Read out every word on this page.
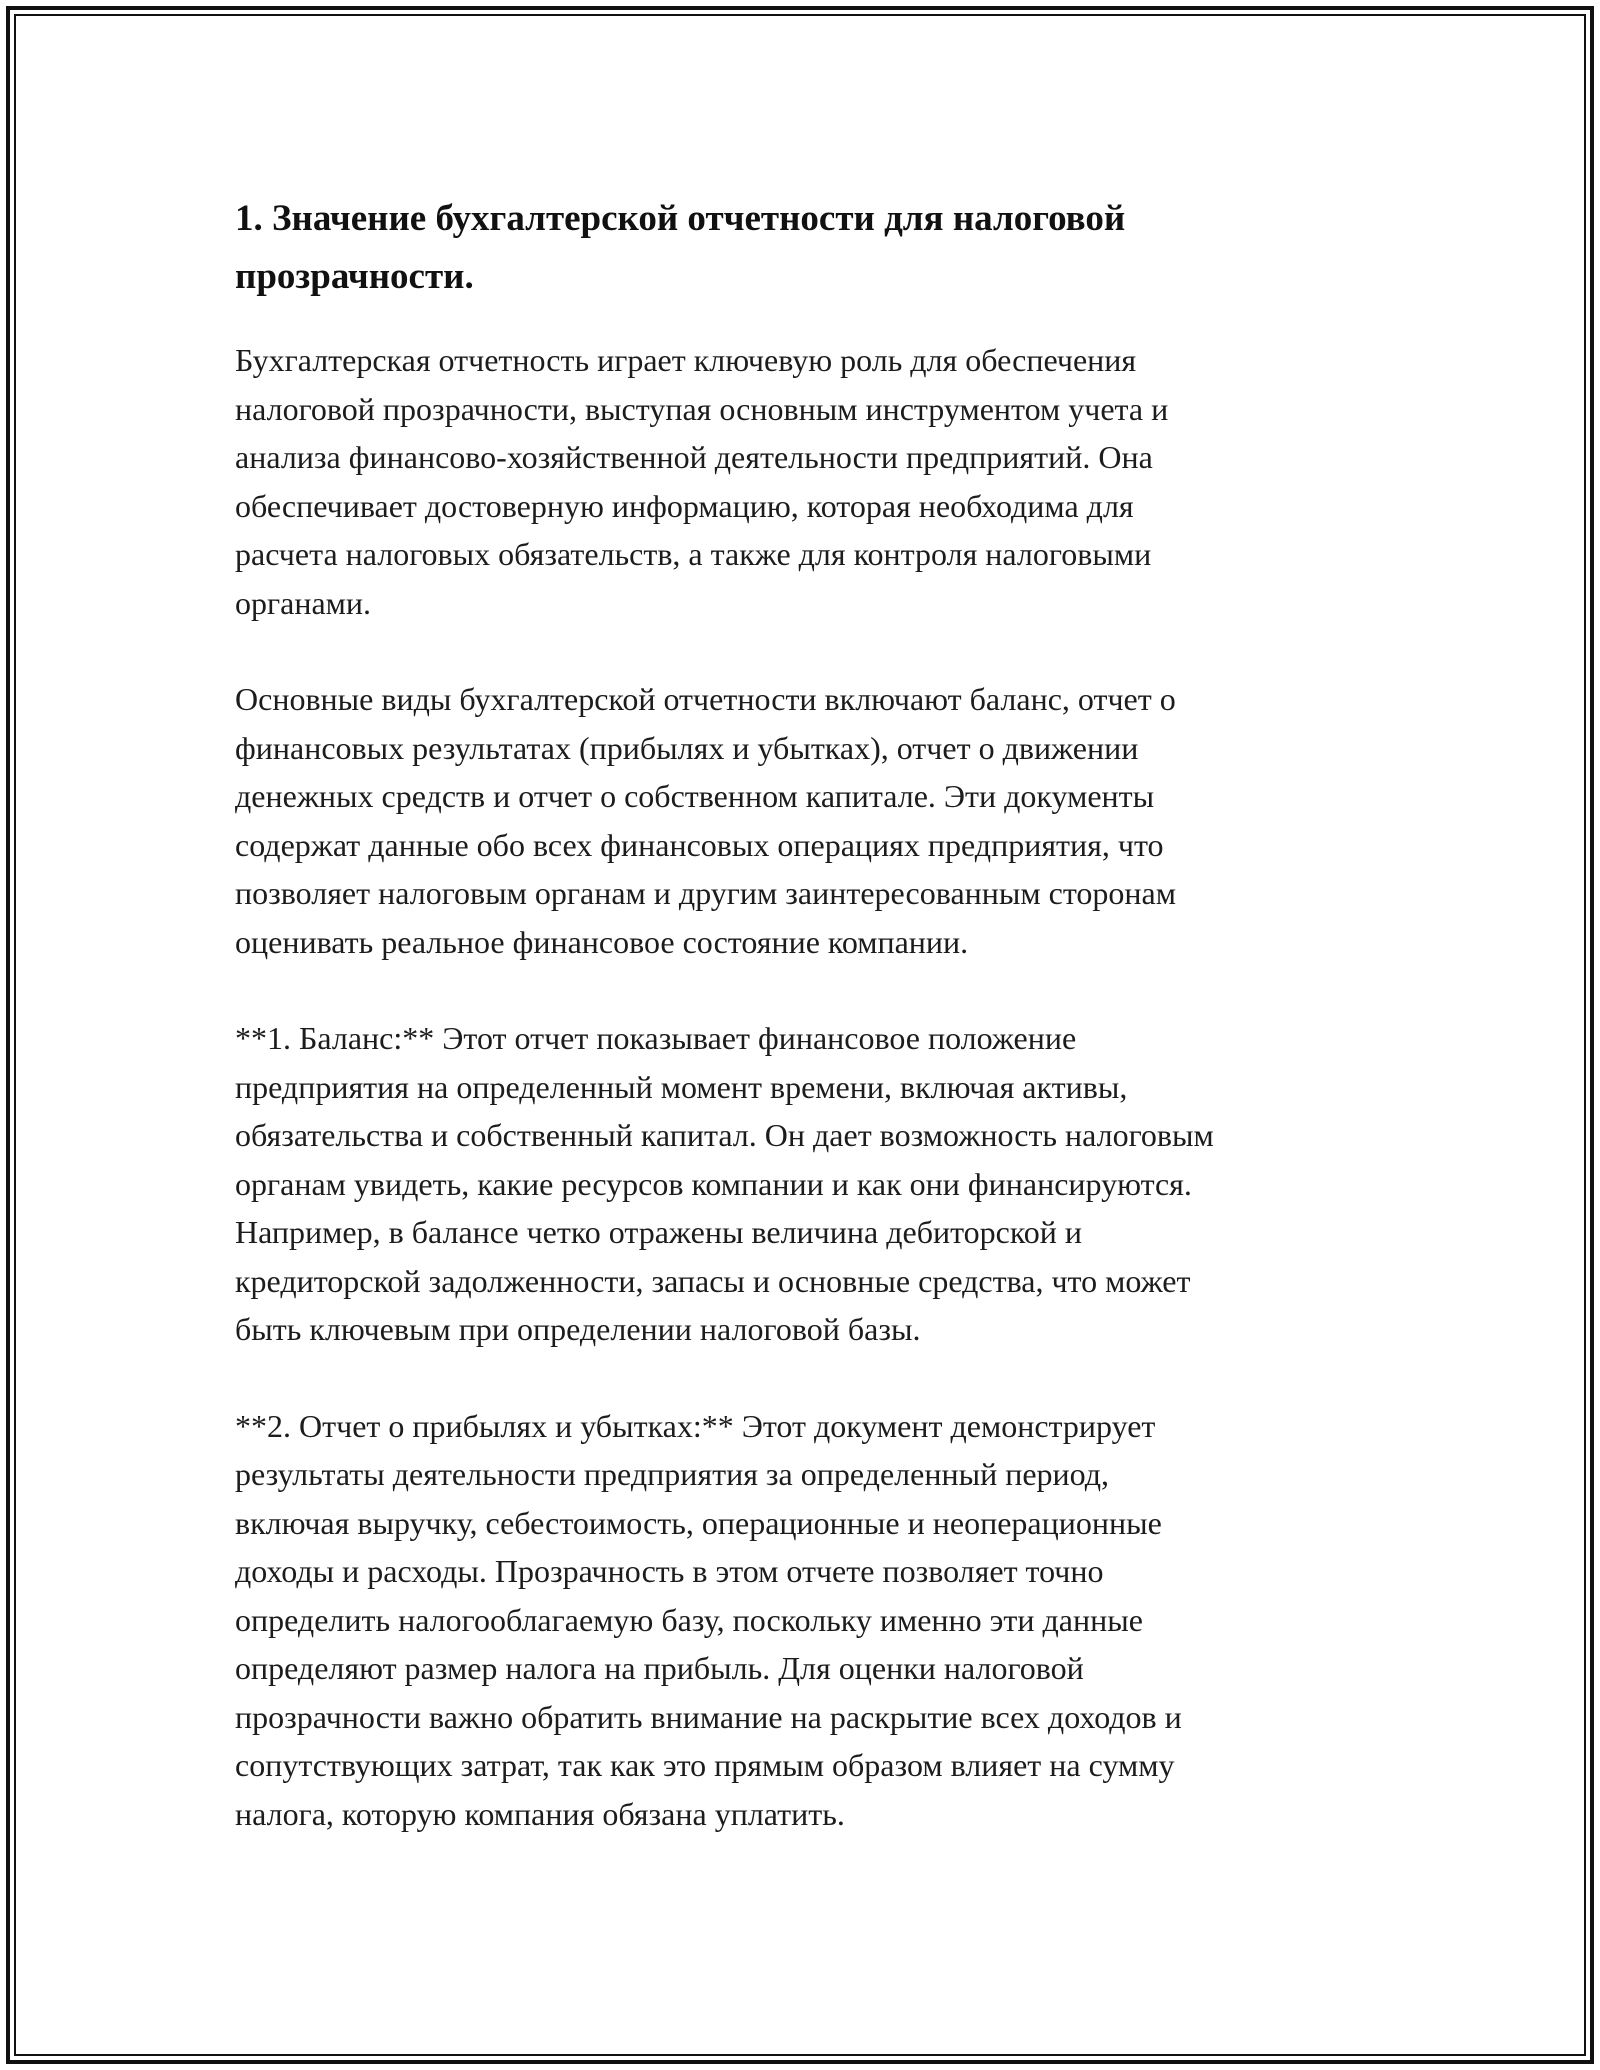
1. Значение бухгалтерской отчетности для налоговой
прозрачности.

Бухгалтерская отчетность играет ключевую роль для обеспечения
налоговой прозрачности, выступая основным инструментом учета и
анализа финансово-хозяйственной деятельности предприятий. Она
обеспечивает достоверную информацию, которая необходима для
расчета налоговых обязательств, а также для контроля налоговыми
органами.

Основные виды бухгалтерской отчетности включают баланс, отчет о
финансовых результатах (прибылях и убытках), отчет о движении
денежных средств и отчет о собственном капитале. Эти документы
содержат данные обо всех финансовых операциях предприятия, что
позволяет налоговым органам и другим заинтересованным сторонам
оценивать реальное финансовое состояние компании.

**1. Баланс:** Этот отчет показывает финансовое положение
предприятия на определенный момент времени, включая активы,
обязательства и собственный капитал. Он дает возможность налоговым
органам увидеть, какие ресурсов компании и как они финансируются.
Например, в балансе четко отражены величина дебиторской и
кредиторской задолженности, запасы и основные средства, что может
быть ключевым при определении налоговой базы.

**2. Отчет о прибылях и убытках:** Этот документ демонстрирует
результаты деятельности предприятия за определенный период,
включая выручку, себестоимость, операционные и неоперационные
доходы и расходы. Прозрачность в этом отчете позволяет точно
определить налогооблагаемую базу, поскольку именно эти данные
определяют размер налога на прибыль. Для оценки налоговой
прозрачности важно обратить внимание на раскрытие всех доходов и
сопутствующих затрат, так как это прямым образом влияет на сумму
налога, которую компания обязана уплатить.
